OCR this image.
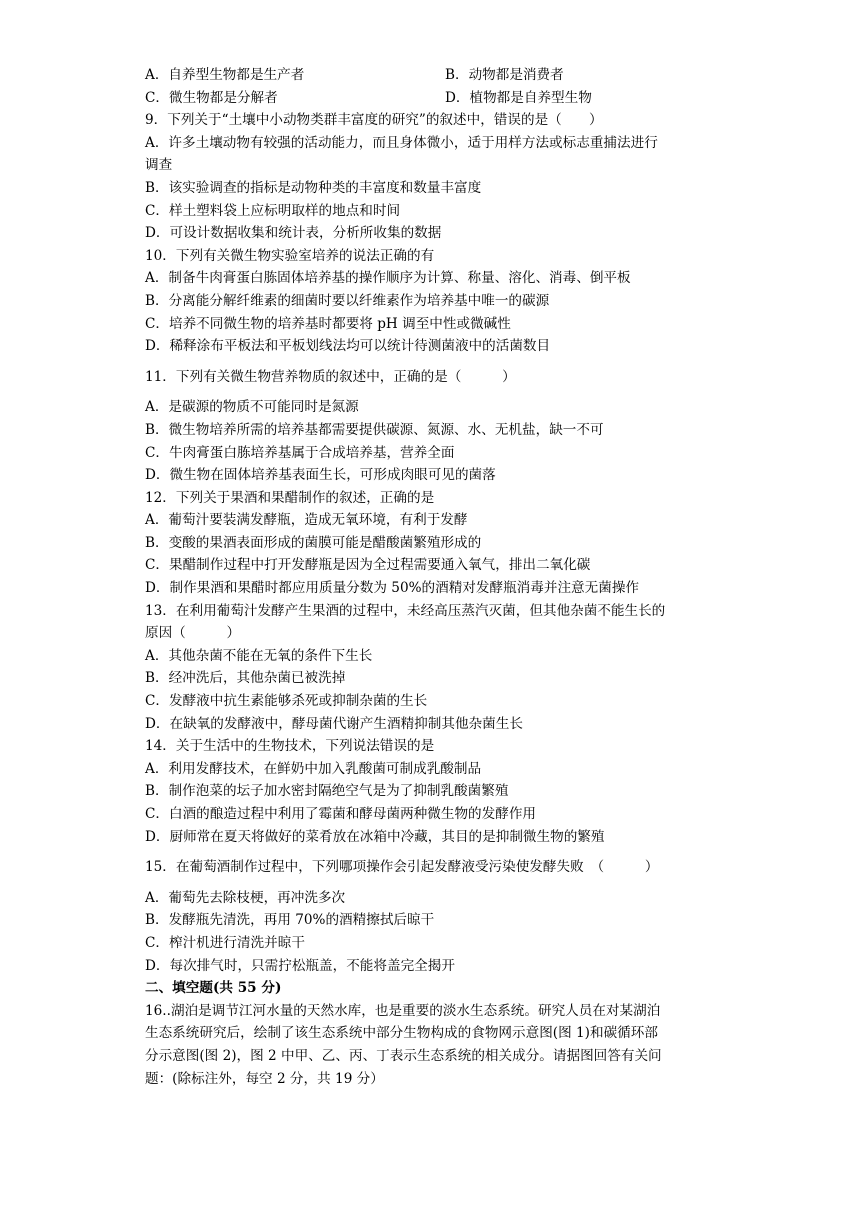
A．自养型生物都是生产者	B．动物都是消费者
C．微生物都是分解者	D．植物都是自养型生物
9．下列关于“土壤中小动物类群丰富度的研究”的叙述中，错误的是（　　）
A．许多土壤动物有较强的活动能力，而且身体微小，适于用样方法或标志重捕法进行
调查
B．该实验调查的指标是动物种类的丰富度和数量丰富度
C．样土塑料袋上应标明取样的地点和时间
D．可设计数据收集和统计表，分析所收集的数据
10．下列有关微生物实验室培养的说法正确的有
A．制备牛肉膏蛋白胨固体培养基的操作顺序为计算、称量、溶化、消毒、倒平板
B．分离能分解纤维素的细菌时要以纤维素作为培养基中唯一的碳源
C．培养不同微生物的培养基时都要将 pH 调至中性或微碱性
D．稀释涂布平板法和平板划线法均可以统计待测菌液中的活菌数目
11．下列有关微生物营养物质的叙述中，正确的是（　　　）
A．是碳源的物质不可能同时是氮源
B．微生物培养所需的培养基都需要提供碳源、氮源、水、无机盐，缺一不可
C．牛肉膏蛋白胨培养基属于合成培养基，营养全面
D．微生物在固体培养基表面生长，可形成肉眼可见的菌落
12．下列关于果酒和果醋制作的叙述，正确的是
A．葡萄汁要装满发酵瓶，造成无氧环境，有利于发酵
B．变酸的果酒表面形成的菌膜可能是醋酸菌繁殖形成的
C．果醋制作过程中打开发酵瓶是因为全过程需要通入氧气，排出二氧化碳
D．制作果酒和果醋时都应用质量分数为 50%的酒精对发酵瓶消毒并注意无菌操作
13．在利用葡萄汁发酵产生果酒的过程中，未经高压蒸汽灭菌，但其他杂菌不能生长的
原因（　　　）
A．其他杂菌不能在无氧的条件下生长
B．经冲洗后，其他杂菌已被洗掉
C．发酵液中抗生素能够杀死或抑制杂菌的生长
D．在缺氧的发酵液中，酵母菌代谢产生酒精抑制其他杂菌生长
14．关于生活中的生物技术，下列说法错误的是
A．利用发酵技术，在鲜奶中加入乳酸菌可制成乳酸制品
B．制作泡菜的坛子加水密封隔绝空气是为了抑制乳酸菌繁殖
C．白酒的酿造过程中利用了霉菌和酵母菌两种微生物的发酵作用
D．厨师常在夏天将做好的菜肴放在冰箱中冷藏，其目的是抑制微生物的繁殖
15．在葡萄酒制作过程中，下列哪项操作会引起发酵液受污染使发酵失败　（　　　）
A．葡萄先去除枝梗，再冲洗多次
B．发酵瓶先清洗，再用 70%的酒精擦拭后晾干
C．榨汁机进行清洗并晾干
D．每次排气时，只需拧松瓶盖，不能将盖完全揭开
二、填空题(共 55 分)
16..湖泊是调节江河水量的天然水库，也是重要的淡水生态系统。研究人员在对某湖泊
生态系统研究后，绘制了该生态系统中部分生物构成的食物网示意图(图 1)和碳循环部
分示意图(图 2)，图 2 中甲、乙、丙、丁表示生态系统的相关成分。请据图回答有关问
题：(除标注外，每空 2 分，共 19 分）
